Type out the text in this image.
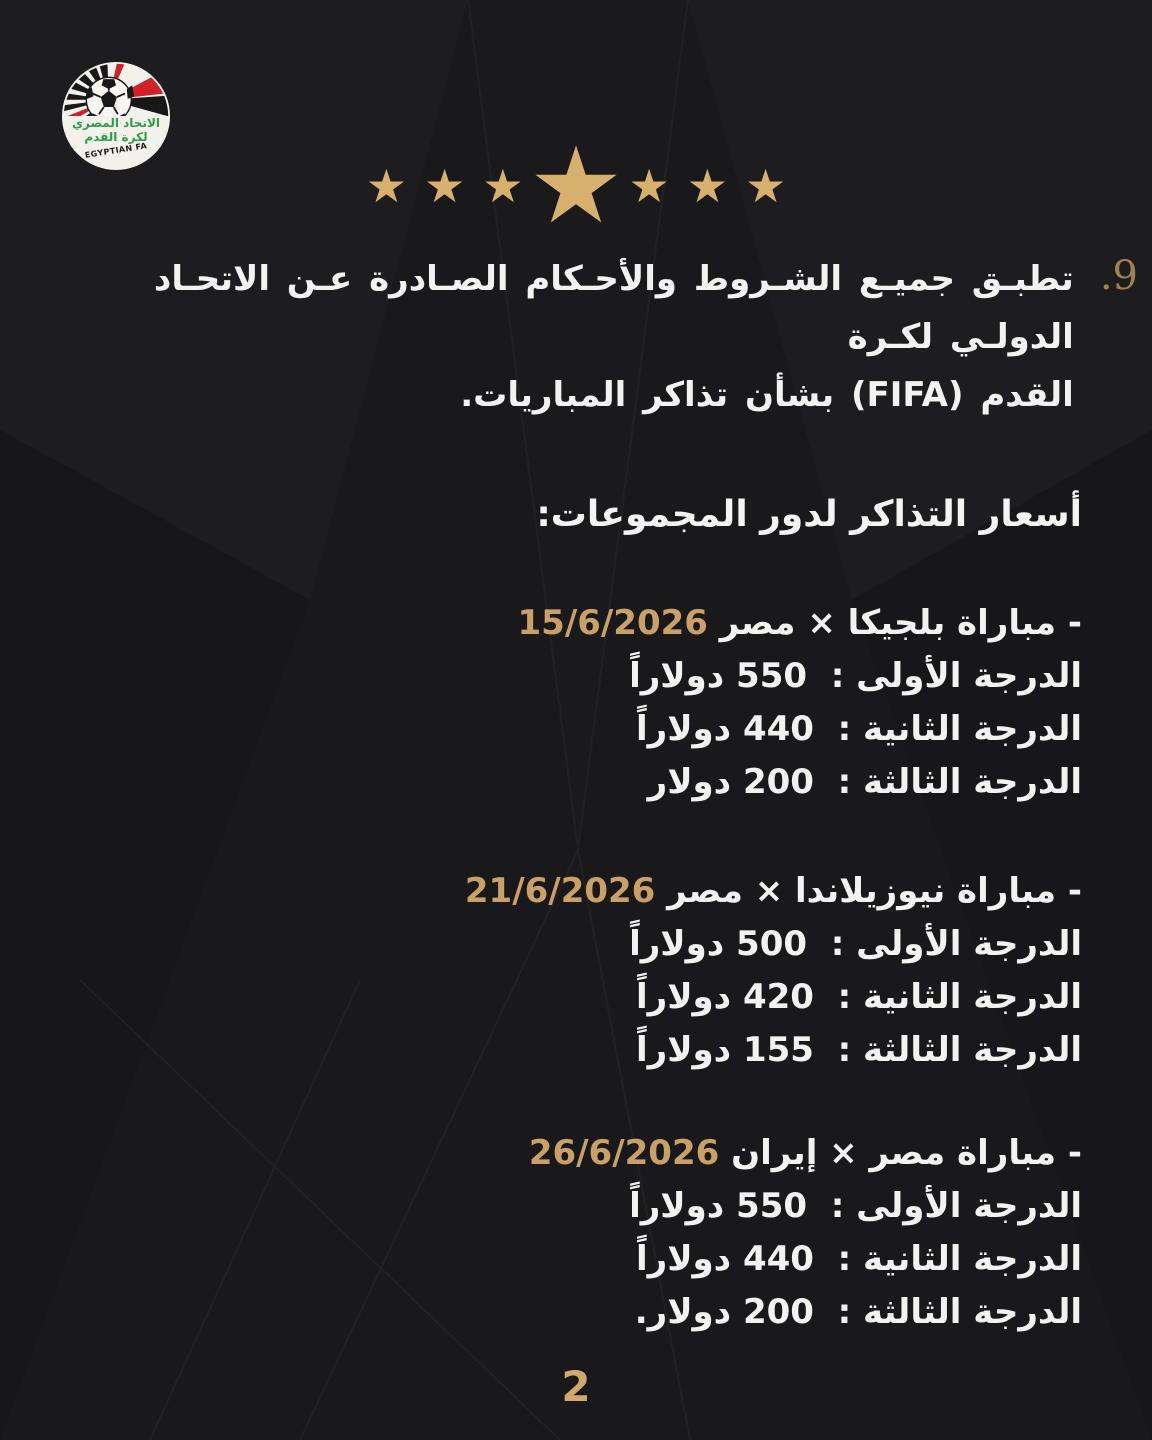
الاتحاد المصري
لكرة القدم
EGYPTIAN FA
★ ★ ★ ★ ★ ★ ★
9.
تطبـق جميـع الشـروط والأحـكام الصـادرة عـن الاتحـاد الدولـي لكـرة
القدم (FIFA) بشأن تذاكر المباريات.
أسعار التذاكر لدور المجموعات:
- مباراة بلجيكا × مصر 15/6/2026
الدرجة الأولى :  550 دولاراً
الدرجة الثانية :  440 دولاراً
الدرجة الثالثة :  200 دولار
- مباراة نيوزيلاندا × مصر 21/6/2026
الدرجة الأولى :  500 دولاراً
الدرجة الثانية :  420 دولاراً
الدرجة الثالثة :  155 دولاراً
- مباراة مصر × إيران 26/6/2026
الدرجة الأولى :  550 دولاراً
الدرجة الثانية :  440 دولاراً
الدرجة الثالثة :  200 دولار.
2
